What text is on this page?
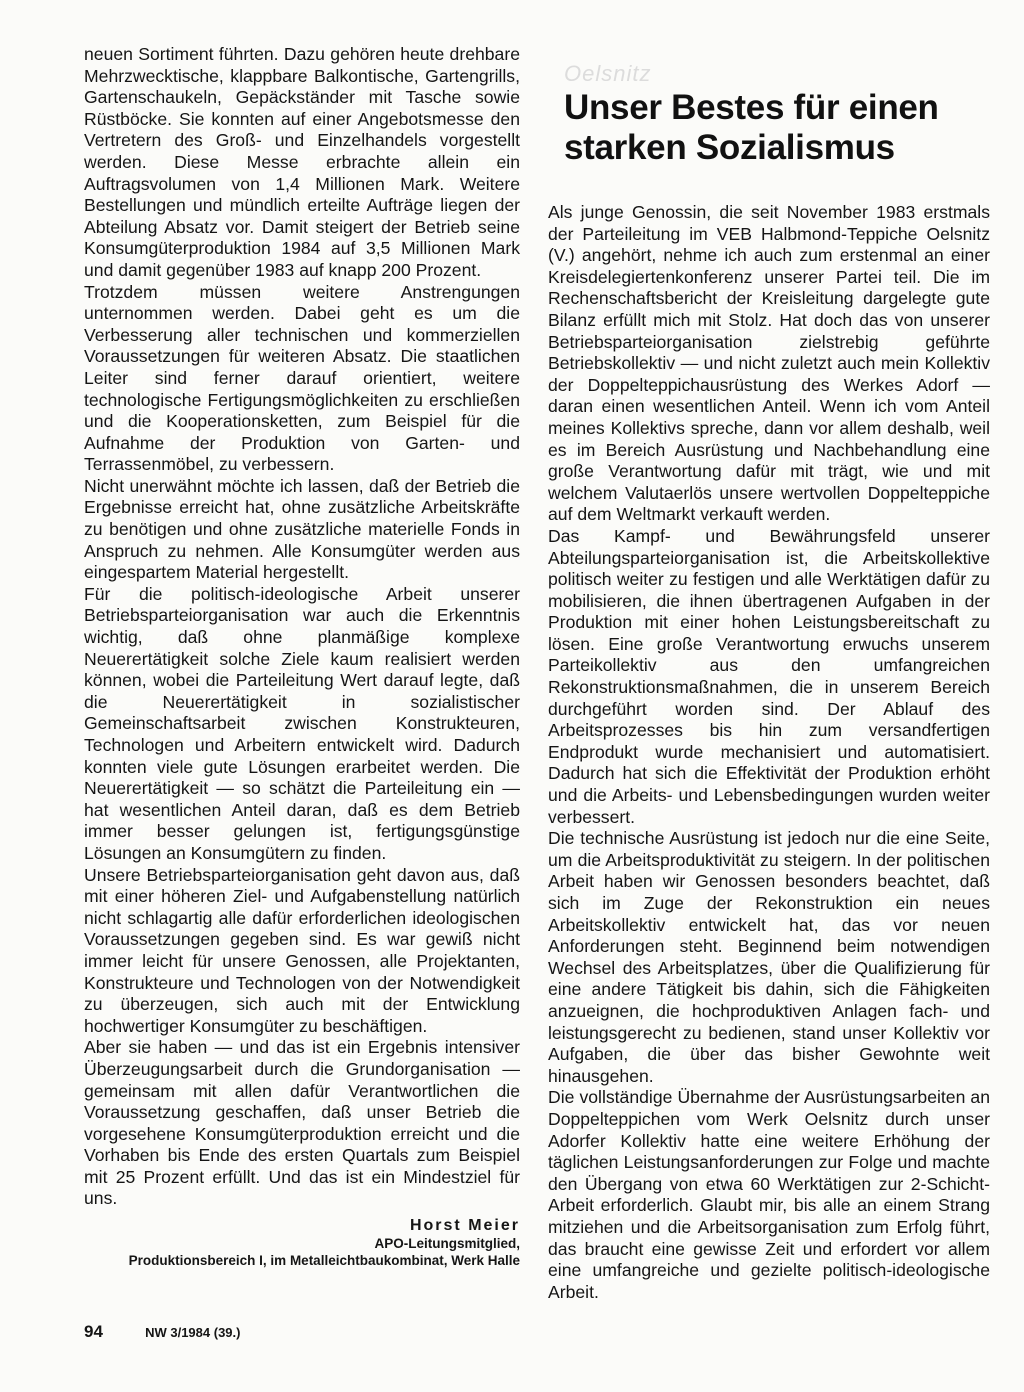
neuen Sortiment führten. Dazu gehören heute drehbare Mehrzwecktische, klappbare Balkontische, Gartengrills, Gartenschaukeln, Gepäckständer mit Tasche sowie Rüstböcke. Sie konnten auf einer Angebotsmesse den Vertretern des Groß- und Einzelhandels vorgestellt werden. Diese Messe erbrachte allein ein Auftragsvolumen von 1,4 Millionen Mark. Weitere Bestellungen und mündlich erteilte Aufträge liegen der Abteilung Absatz vor. Damit steigert der Betrieb seine Konsumgüterproduktion 1984 auf 3,5 Millionen Mark und damit gegenüber 1983 auf knapp 200 Prozent.

Trotzdem müssen weitere Anstrengungen unternommen werden. Dabei geht es um die Verbesserung aller technischen und kommerziellen Voraussetzungen für weiteren Absatz. Die staatlichen Leiter sind ferner darauf orientiert, weitere technologische Fertigungsmöglichkeiten zu erschließen und die Kooperationsketten, zum Beispiel für die Aufnahme der Produktion von Garten- und Terrassenmöbel, zu verbessern.

Nicht unerwähnt möchte ich lassen, daß der Betrieb die Ergebnisse erreicht hat, ohne zusätzliche Arbeitskräfte zu benötigen und ohne zusätzliche materielle Fonds in Anspruch zu nehmen. Alle Konsumgüter werden aus eingespartem Material hergestellt.

Für die politisch-ideologische Arbeit unserer Betriebsparteiorganisation war auch die Erkenntnis wichtig, daß ohne planmäßige komplexe Neuerertätigkeit solche Ziele kaum realisiert werden können, wobei die Parteileitung Wert darauf legte, daß die Neuerertätigkeit in sozialistischer Gemeinschaftsarbeit zwischen Konstrukteuren, Technologen und Arbeitern entwickelt wird. Dadurch konnten viele gute Lösungen erarbeitet werden. Die Neuerertätigkeit — so schätzt die Parteileitung ein — hat wesentlichen Anteil daran, daß es dem Betrieb immer besser gelungen ist, fertigungsgünstige Lösungen an Konsumgütern zu finden.

Unsere Betriebsparteiorganisation geht davon aus, daß mit einer höheren Ziel- und Aufgabenstellung natürlich nicht schlagartig alle dafür erforderlichen ideologischen Voraussetzungen gegeben sind. Es war gewiß nicht immer leicht für unsere Genossen, alle Projektanten, Konstrukteure und Technologen von der Notwendigkeit zu überzeugen, sich auch mit der Entwicklung hochwertiger Konsumgüter zu beschäftigen.

Aber sie haben — und das ist ein Ergebnis intensiver Überzeugungsarbeit durch die Grundorganisation — gemeinsam mit allen dafür Verantwortlichen die Voraussetzung geschaffen, daß unser Betrieb die vorgesehene Konsumgüterproduktion erreicht und die Vorhaben bis Ende des ersten Quartals zum Beispiel mit 25 Prozent erfüllt. Und das ist ein Mindestziel für uns.

Horst Meier
APO-Leitungsmitglied,
Produktionsbereich I, im Metalleichtbaukombinat, Werk Halle
Oelsnitz
Unser Bestes für einen starken Sozialismus

Als junge Genossin, die seit November 1983 erstmals der Parteileitung im VEB Halbmond-Teppiche Oelsnitz (V.) angehört, nehme ich auch zum erstenmal an einer Kreisdelegiertenkonferenz unserer Partei teil. Die im Rechenschaftsbericht der Kreisleitung dargelegte gute Bilanz erfüllt mich mit Stolz. Hat doch das von unserer Betriebsparteiorganisation zielstrebig geführte Betriebskollektiv — und nicht zuletzt auch mein Kollektiv der Doppelteppichausrüstung des Werkes Adorf — daran einen wesentlichen Anteil. Wenn ich vom Anteil meines Kollektivs spreche, dann vor allem deshalb, weil es im Bereich Ausrüstung und Nachbehandlung eine große Verantwortung dafür mit trägt, wie und mit welchem Valutaerlös unsere wertvollen Doppelteppiche auf dem Weltmarkt verkauft werden.

Das Kampf- und Bewährungsfeld unserer Abteilungsparteiorganisation ist, die Arbeitskollektive politisch weiter zu festigen und alle Werktätigen dafür zu mobilisieren, die ihnen übertragenen Aufgaben in der Produktion mit einer hohen Leistungsbereitschaft zu lösen. Eine große Verantwortung erwuchs unserem Parteikollektiv aus den umfangreichen Rekonstruktionsmaßnahmen, die in unserem Bereich durchgeführt worden sind. Der Ablauf des Arbeitsprozesses bis hin zum versandfertigen Endprodukt wurde mechanisiert und automatisiert. Dadurch hat sich die Effektivität der Produktion erhöht und die Arbeits- und Lebensbedingungen wurden weiter verbessert.

Die technische Ausrüstung ist jedoch nur die eine Seite, um die Arbeitsproduktivität zu steigern. In der politischen Arbeit haben wir Genossen besonders beachtet, daß sich im Zuge der Rekonstruktion ein neues Arbeitskollektiv entwickelt hat, das vor neuen Anforderungen steht. Beginnend beim notwendigen Wechsel des Arbeitsplatzes, über die Qualifizierung für eine andere Tätigkeit bis dahin, sich die Fähigkeiten anzueignen, die hochproduktiven Anlagen fach- und leistungsgerecht zu bedienen, stand unser Kollektiv vor Aufgaben, die über das bisher Gewohnte weit hinausgehen.

Die vollständige Übernahme der Ausrüstungsarbeiten an Doppelteppichen vom Werk Oelsnitz durch unser Adorfer Kollektiv hatte eine weitere Erhöhung der täglichen Leistungsanforderungen zur Folge und machte den Übergang von etwa 60 Werktätigen zur 2-Schicht-Arbeit erforderlich. Glaubt mir, bis alle an einem Strang mitziehen und die Arbeitsorganisation zum Erfolg führt, das braucht eine gewisse Zeit und erfordert vor allem eine umfangreiche und gezielte politisch-ideologische Arbeit.

94	NW 3/1984 (39.)
